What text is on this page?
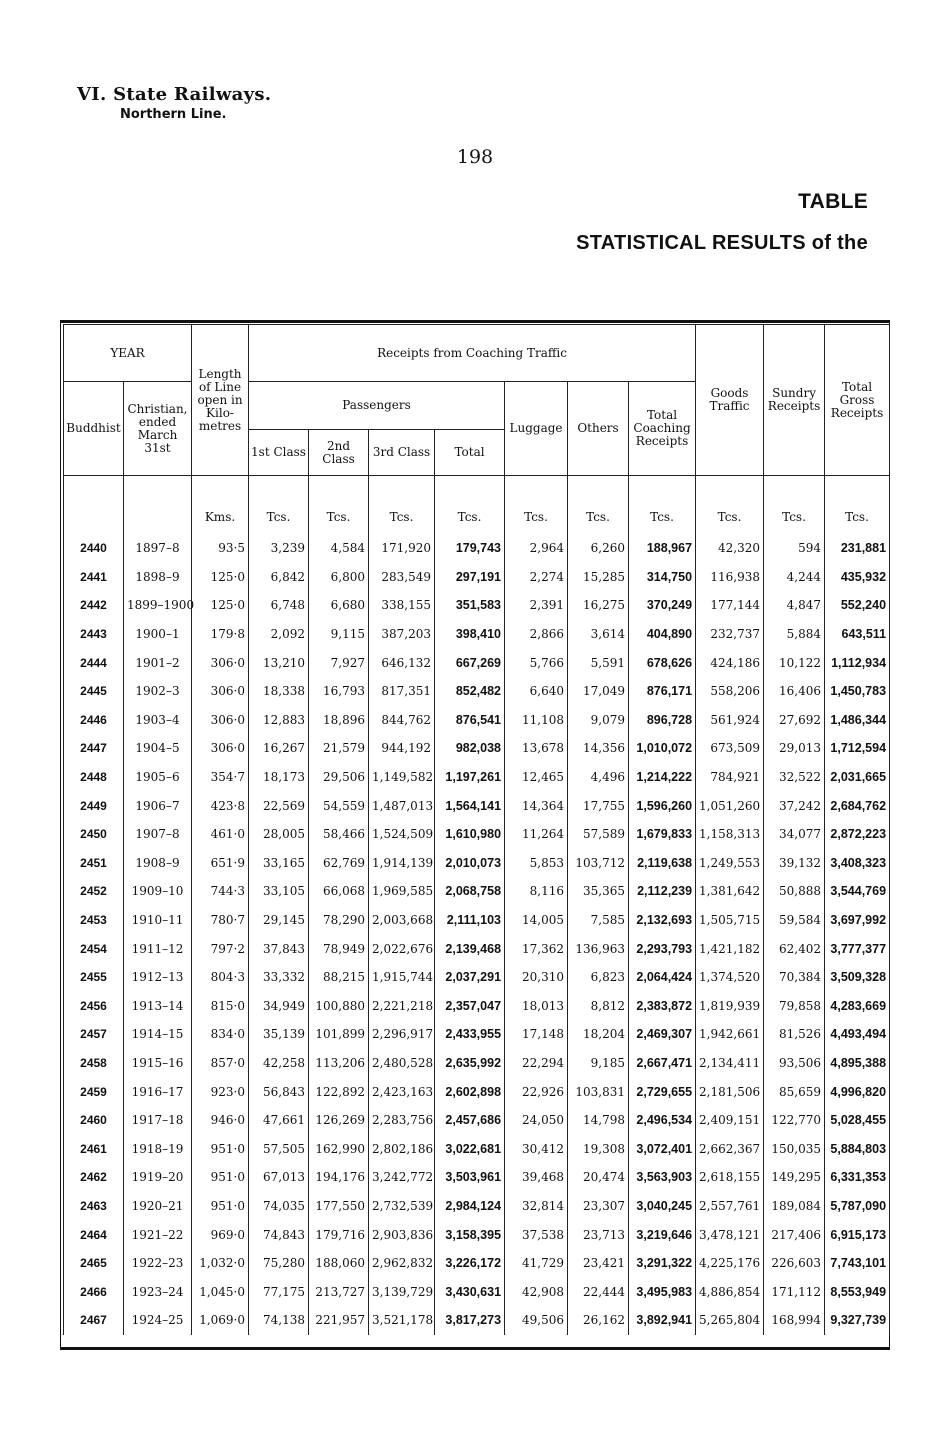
VI. State Railways.
Northern Line.
198
TABLE
STATISTICAL RESULTS of the
YEAR		Length of Line open in Kilo- metres	Receipts from Coaching Traffic							Goods Traffic	Sundry Receipts	Total Gross Receipts
Buddhist	Christian, ended March 31st		Passengers				Luggage	Others	Total Coaching Receipts			
			1st Class	2nd Class	3rd Class	Total						
		Kms.	Tcs.	Tcs.	Tcs.	Tcs.	Tcs.	Tcs.	Tcs.	Tcs.	Tcs.	Tcs.
2440	1897–8	93·5	3,239	4,584	171,920	179,743	2,964	6,260	188,967	42,320	594	231,881
2441	1898–9	125·0	6,842	6,800	283,549	297,191	2,274	15,285	314,750	116,938	4,244	435,932
2442	1899–1900	125·0	6,748	6,680	338,155	351,583	2,391	16,275	370,249	177,144	4,847	552,240
2443	1900–1	179·8	2,092	9,115	387,203	398,410	2,866	3,614	404,890	232,737	5,884	643,511
2444	1901–2	306·0	13,210	7,927	646,132	667,269	5,766	5,591	678,626	424,186	10,122	1,112,934
2445	1902–3	306·0	18,338	16,793	817,351	852,482	6,640	17,049	876,171	558,206	16,406	1,450,783
2446	1903–4	306·0	12,883	18,896	844,762	876,541	11,108	9,079	896,728	561,924	27,692	1,486,344
2447	1904–5	306·0	16,267	21,579	944,192	982,038	13,678	14,356	1,010,072	673,509	29,013	1,712,594
2448	1905–6	354·7	18,173	29,506	1,149,582	1,197,261	12,465	4,496	1,214,222	784,921	32,522	2,031,665
2449	1906–7	423·8	22,569	54,559	1,487,013	1,564,141	14,364	17,755	1,596,260	1,051,260	37,242	2,684,762
2450	1907–8	461·0	28,005	58,466	1,524,509	1,610,980	11,264	57,589	1,679,833	1,158,313	34,077	2,872,223
2451	1908–9	651·9	33,165	62,769	1,914,139	2,010,073	5,853	103,712	2,119,638	1,249,553	39,132	3,408,323
2452	1909–10	744·3	33,105	66,068	1,969,585	2,068,758	8,116	35,365	2,112,239	1,381,642	50,888	3,544,769
2453	1910–11	780·7	29,145	78,290	2,003,668	2,111,103	14,005	7,585	2,132,693	1,505,715	59,584	3,697,992
2454	1911–12	797·2	37,843	78,949	2,022,676	2,139,468	17,362	136,963	2,293,793	1,421,182	62,402	3,777,377
2455	1912–13	804·3	33,332	88,215	1,915,744	2,037,291	20,310	6,823	2,064,424	1,374,520	70,384	3,509,328
2456	1913–14	815·0	34,949	100,880	2,221,218	2,357,047	18,013	8,812	2,383,872	1,819,939	79,858	4,283,669
2457	1914–15	834·0	35,139	101,899	2,296,917	2,433,955	17,148	18,204	2,469,307	1,942,661	81,526	4,493,494
2458	1915–16	857·0	42,258	113,206	2,480,528	2,635,992	22,294	9,185	2,667,471	2,134,411	93,506	4,895,388
2459	1916–17	923·0	56,843	122,892	2,423,163	2,602,898	22,926	103,831	2,729,655	2,181,506	85,659	4,996,820
2460	1917–18	946·0	47,661	126,269	2,283,756	2,457,686	24,050	14,798	2,496,534	2,409,151	122,770	5,028,455
2461	1918–19	951·0	57,505	162,990	2,802,186	3,022,681	30,412	19,308	3,072,401	2,662,367	150,035	5,884,803
2462	1919–20	951·0	67,013	194,176	3,242,772	3,503,961	39,468	20,474	3,563,903	2,618,155	149,295	6,331,353
2463	1920–21	951·0	74,035	177,550	2,732,539	2,984,124	32,814	23,307	3,040,245	2,557,761	189,084	5,787,090
2464	1921–22	969·0	74,843	179,716	2,903,836	3,158,395	37,538	23,713	3,219,646	3,478,121	217,406	6,915,173
2465	1922–23	1,032·0	75,280	188,060	2,962,832	3,226,172	41,729	23,421	3,291,322	4,225,176	226,603	7,743,101
2466	1923–24	1,045·0	77,175	213,727	3,139,729	3,430,631	42,908	22,444	3,495,983	4,886,854	171,112	8,553,949
2467	1924–25	1,069·0	74,138	221,957	3,521,178	3,817,273	49,506	26,162	3,892,941	5,265,804	168,994	9,327,739
